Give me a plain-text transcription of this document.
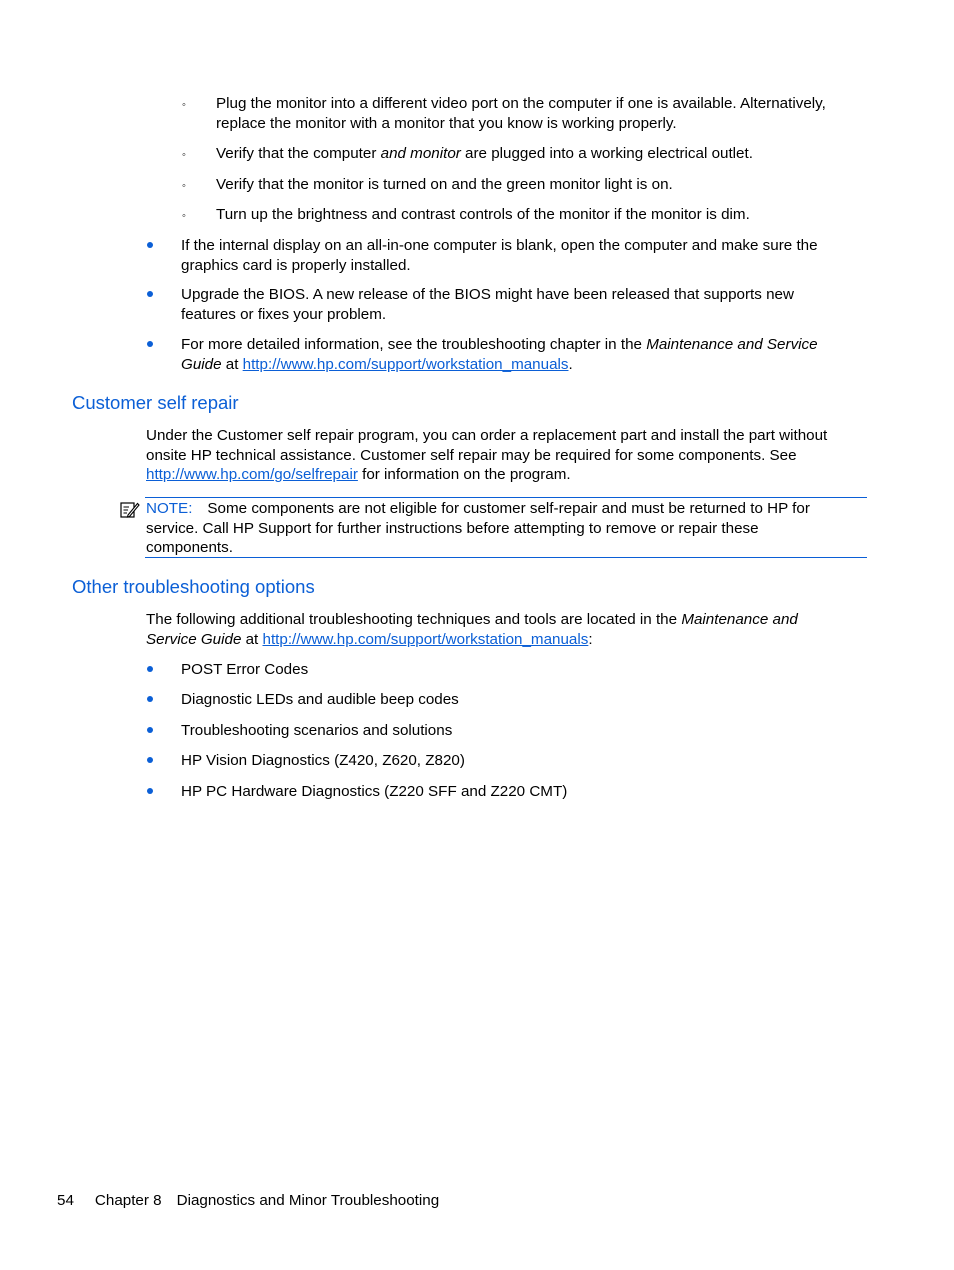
◦ Plug the monitor into a different video port on the computer if one is available. Alternatively,
replace the monitor with a monitor that you know is working properly.
◦ Verify that the computer and monitor are plugged into a working electrical outlet.
◦ Verify that the monitor is turned on and the green monitor light is on.
◦ Turn up the brightness and contrast controls of the monitor if the monitor is dim.
If the internal display on an all-in-one computer is blank, open the computer and make sure the
graphics card is properly installed.
Upgrade the BIOS. A new release of the BIOS might have been released that supports new
features or fixes your problem.
For more detailed information, see the troubleshooting chapter in the Maintenance and Service
Guide at http://www.hp.com/support/workstation_manuals.
Customer self repair
Under the Customer self repair program, you can order a replacement part and install the part without
onsite HP technical assistance. Customer self repair may be required for some components. See
http://www.hp.com/go/selfrepair for information on the program.
NOTE: Some components are not eligible for customer self-repair and must be returned to HP for
service. Call HP Support for further instructions before attempting to remove or repair these
components.
Other troubleshooting options
The following additional troubleshooting techniques and tools are located in the Maintenance and
Service Guide at http://www.hp.com/support/workstation_manuals:
POST Error Codes
Diagnostic LEDs and audible beep codes
Troubleshooting scenarios and solutions
HP Vision Diagnostics (Z420, Z620, Z820)
HP PC Hardware Diagnostics (Z220 SFF and Z220 CMT)
54 Chapter 8 Diagnostics and Minor Troubleshooting
